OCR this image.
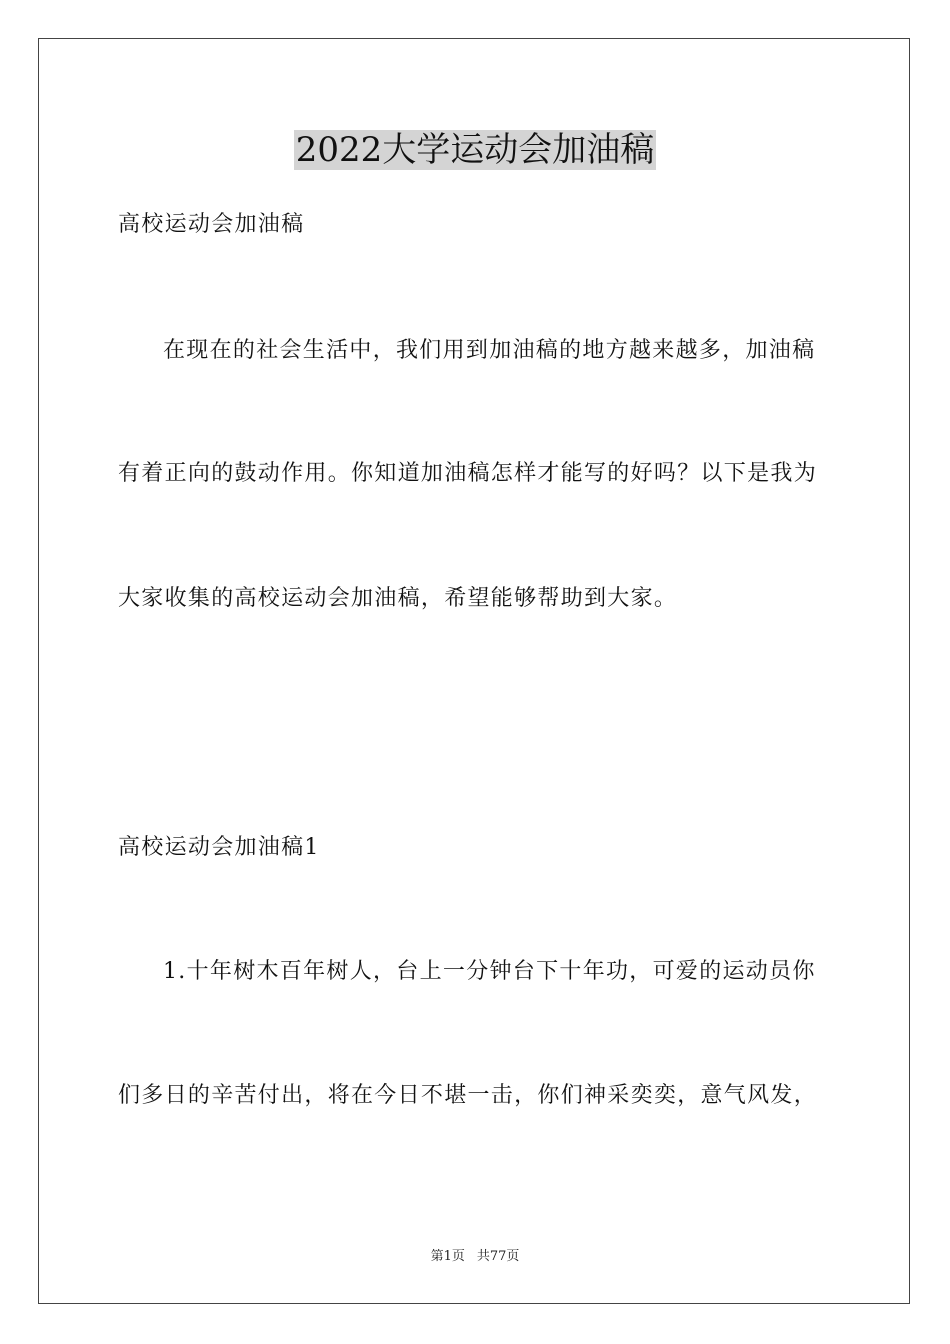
2022大学运动会加油稿

高校运动会加油稿

在现在的社会生活中，我们用到加油稿的地方越来越多，加油稿

有着正向的鼓动作用。你知道加油稿怎样才能写的好吗？以下是我为

大家收集的高校运动会加油稿，希望能够帮助到大家。

高校运动会加油稿1

1.十年树木百年树人，台上一分钟台下十年功，可爱的运动员你

们多日的辛苦付出，将在今日不堪一击，你们神采奕奕，意气风发，

第1页 共77页
